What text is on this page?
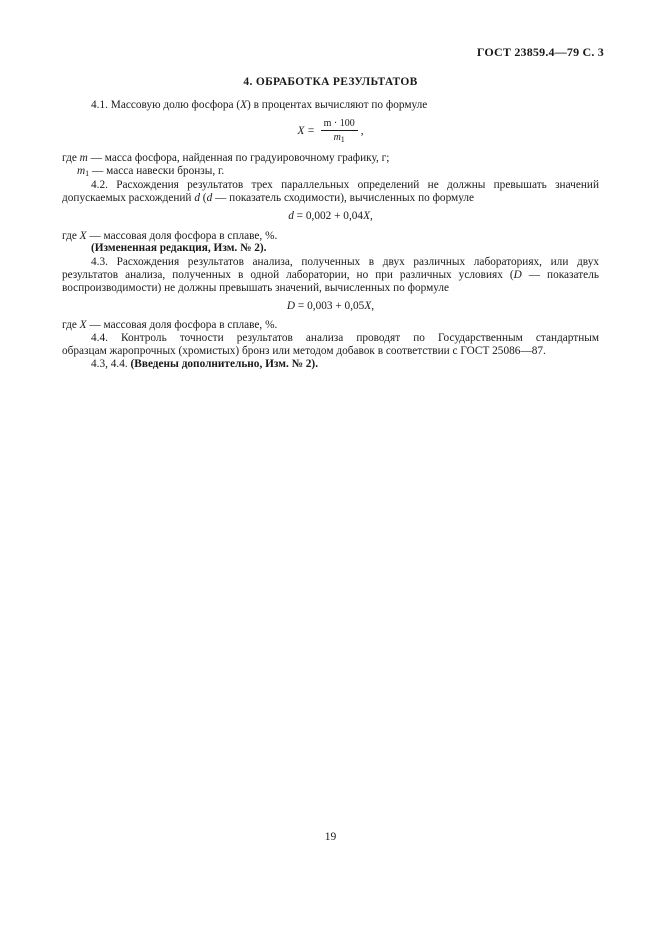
ГОСТ 23859.4—79 С. 3
4. ОБРАБОТКА РЕЗУЛЬТАТОВ
4.1. Массовую долю фосфора (X) в процентах вычисляют по формуле
$X = \frac{m \cdot 100}{m_1}$ ,
где m — масса фосфора, найденная по градуировочному графику, г;
$m_1$ — масса навески бронзы, г.
4.2. Расхождения результатов трех параллельных определений не должны превышать значений
допускаемых расхождений d (d — показатель сходимости), вычисленных по формуле
d = 0,002 + 0,04X,
где X — массовая доля фосфора в сплаве, %.
(Измененная редакция, Изм. № 2).
4.3. Расхождения результатов анализа, полученных в двух различных лабораториях, или двух
результатов анализа, полученных в одной лаборатории, но при различных условиях (D — показатель
воспроизводимости) не должны превышать значений, вычисленных по формуле
D = 0,003 + 0,05X,
где X — массовая доля фосфора в сплаве, %.
4.4. Контроль точности результатов анализа проводят по Государственным стандартным
образцам жаропрочных (хромистых) бронз или методом добавок в соответствии с ГОСТ 25086—87.
4.3, 4.4. (Введены дополнительно, Изм. № 2).
19
